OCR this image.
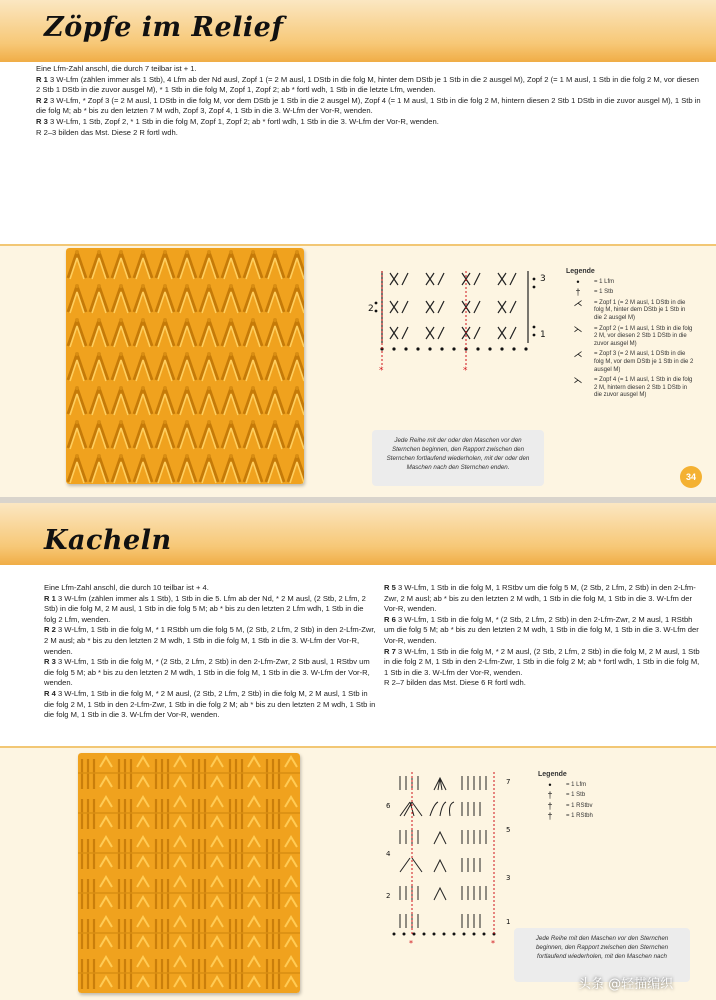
Zöpfe im Relief

Eine Lfm-Zahl anschl, die durch 7 teilbar ist + 1.

R 1 3 W-Lfm (zählen immer als 1 Stb), 4 Lfm ab der Nd ausl, Zopf 1 (= 2 M ausl, 1 DStb in die folg M, hinter dem DStb je 1 Stb in die 2 ausgel M), Zopf 2 (= 1 M ausl, 1 Stb in die folg 2 M, vor diesen 2 Stb 1 DStb in die zuvor ausgel M), * 1 Stb in die folg M, Zopf 1, Zopf 2; ab * fortl wdh, 1 Stb in die letzte Lfm, wenden.

R 2 3 W-Lfm, * Zopf 3 (= 2 M ausl, 1 DStb in die folg M, vor dem DStb je 1 Stb in die 2 ausgel M), Zopf 4 (= 1 M ausl, 1 Stb in die folg 2 M, hintern diesen 2 Stb 1 DStb in die zuvor ausgel M), 1 Stb in die folg M; ab * bis zu den letzten 7 M wdh, Zopf 3, Zopf 4, 1 Stb in die 3. W-Lfm der Vor-R, wenden.

R 3 3 W-Lfm, 1 Stb, Zopf 2, * 1 Stb in die folg M, Zopf 1, Zopf 2; ab * fortl wdh, 1 Stb in die 3. W-Lfm der Vor-R, wenden.

R 2–3 bilden das Mst. Diese 2 R fortl wdh.

*	*
3
2
1
Legende
•	= 1 Lfm
†	= 1 Stb
⋌	= Zopf 1 (= 2 M ausl, 1 DStb in die folg M, hinter dem DStb je 1 Stb in die 2 ausgel M)
⋋	= Zopf 2 (= 1 M ausl, 1 Stb in die folg 2 M, vor diesen 2 Stb 1 DStb in die zuvor ausgel M)
⋌	= Zopf 3 (= 2 M ausl, 1 DStb in die folg M, vor dem DStb je 1 Stb in die 2 ausgel M)
⋋	= Zopf 4 (= 1 M ausl, 1 Stb in die folg 2 M, hintern diesen 2 Stb 1 DStb in die zuvor ausgel M)
Jede Reihe mit der oder den Maschen vor den Sternchen beginnen, den Rapport zwischen den Sternchen fortlaufend wiederholen, mit der oder den Maschen nach den Sternchen enden.
34
Kacheln

Eine Lfm-Zahl anschl, die durch 10 teilbar ist + 4.

R 1 3 W-Lfm (zählen immer als 1 Stb), 1 Stb in die 5. Lfm ab der Nd, * 2 M ausl, (2 Stb, 2 Lfm, 2 Stb) in die folg M, 2 M ausl, 1 Stb in die folg 5 M; ab * bis zu den letzten 2 Lfm wdh, 1 Stb in die folg 2 Lfm, wenden.

R 2 3 W-Lfm, 1 Stb in die folg M, * 1 RStbh um die folg 5 M, (2 Stb, 2 Lfm, 2 Stb) in den 2-Lfm-Zwr, 2 M ausl; ab * bis zu den letzten 2 M wdh, 1 Stb in die folg M, 1 Stb in die 3. W-Lfm der Vor-R, wenden.

R 3 3 W-Lfm, 1 Stb in die folg M, * (2 Stb, 2 Lfm, 2 Stb) in den 2-Lfm-Zwr, 2 Stb ausl, 1 RStbv um die folg 5 M; ab * bis zu den letzten 2 M wdh, 1 Stb in die folg M, 1 Stb in die 3. W-Lfm der Vor-R, wenden.

R 4 3 W-Lfm, 1 Stb in die folg M, * 2 M ausl, (2 Stb, 2 Lfm, 2 Stb) in die folg M, 2 M ausl, 1 Stb in die folg 2 M, 1 Stb in den 2-Lfm-Zwr, 1 Stb in die folg 2 M; ab * bis zu den letzten 2 M wdh, 1 Stb in die folg M, 1 Stb in die 3. W-Lfm der Vor-R, wenden.

R 5 3 W-Lfm, 1 Stb in die folg M, 1 RStbv um die folg 5 M, (2 Stb, 2 Lfm, 2 Stb) in den 2-Lfm-Zwr, 2 M ausl; ab * bis zu den letzten 2 M wdh, 1 Stb in die folg M, 1 Stb in die 3. W-Lfm der Vor-R, wenden.

R 6 3 W-Lfm, 1 Stb in die folg M, * (2 Stb, 2 Lfm, 2 Stb) in den 2-Lfm-Zwr, 2 M ausl, 1 RStbh um die folg 5 M; ab * bis zu den letzten 2 M wdh, 1 Stb in die folg M, 1 Stb in die 3. W-Lfm der Vor-R, wenden.

R 7 3 W-Lfm, 1 Stb in die folg M, * 2 M ausl, (2 Stb, 2 Lfm, 2 Stb) in die folg M, 2 M ausl, 1 Stb in die folg 2 M, 1 Stb in den 2-Lfm-Zwr, 1 Stb in die folg 2 M; ab * fortl wdh, 1 Stb in die folg M, 1 Stb in die 3. W-Lfm der Vor-R, wenden.

R 2–7 bilden das Mst. Diese 6 R fortl wdh.

*	*
7
6
5
4
3
2
1
Legende
•	= 1 Lfm
†	= 1 Stb
†	= 1 RStbv
†	= 1 RStbh
Jede Reihe mit den Maschen vor den Sternchen beginnen, den Rapport zwischen den Sternchen fortlaufend wiederholen, mit den Maschen nach
头条 @轻描编织
